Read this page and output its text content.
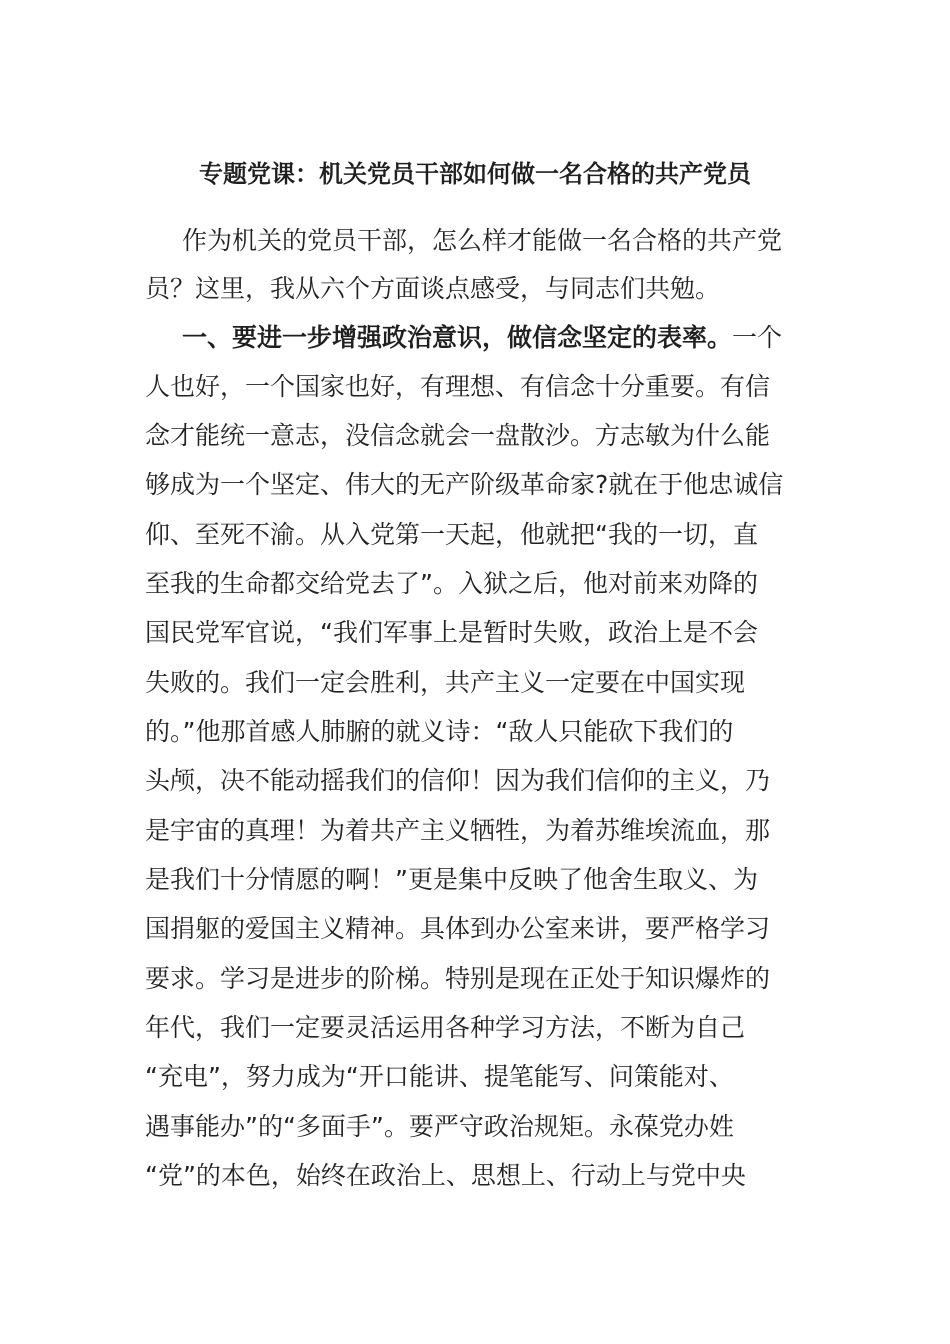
专题党课：机关党员干部如何做一名合格的共产党员
作为机关的党员干部，怎么样才能做一名合格的共产党
员？这里，我从六个方面谈点感受，与同志们共勉。
一、要进一步增强政治意识，做信念坚定的表率。一个
人也好，一个国家也好，有理想、有信念十分重要。有信
念才能统一意志，没信念就会一盘散沙。方志敏为什么能
够成为一个坚定、伟大的无产阶级革命家?就在于他忠诚信
仰、至死不渝。从入党第一天起，他就把“我的一切，直
至我的生命都交给党去了”。入狱之后，他对前来劝降的
国民党军官说，“我们军事上是暂时失败，政治上是不会
失败的。我们一定会胜利，共产主义一定要在中国实现
的。”他那首感人肺腑的就义诗：“敌人只能砍下我们的
头颅，决不能动摇我们的信仰！因为我们信仰的主义，乃
是宇宙的真理！为着共产主义牺牲，为着苏维埃流血，那
是我们十分情愿的啊！”更是集中反映了他舍生取义、为
国捐躯的爱国主义精神。具体到办公室来讲，要严格学习
要求。学习是进步的阶梯。特别是现在正处于知识爆炸的
年代，我们一定要灵活运用各种学习方法，不断为自己
“充电”，努力成为“开口能讲、提笔能写、问策能对、
遇事能办”的“多面手”。要严守政治规矩。永葆党办姓
“党”的本色，始终在政治上、思想上、行动上与党中央
